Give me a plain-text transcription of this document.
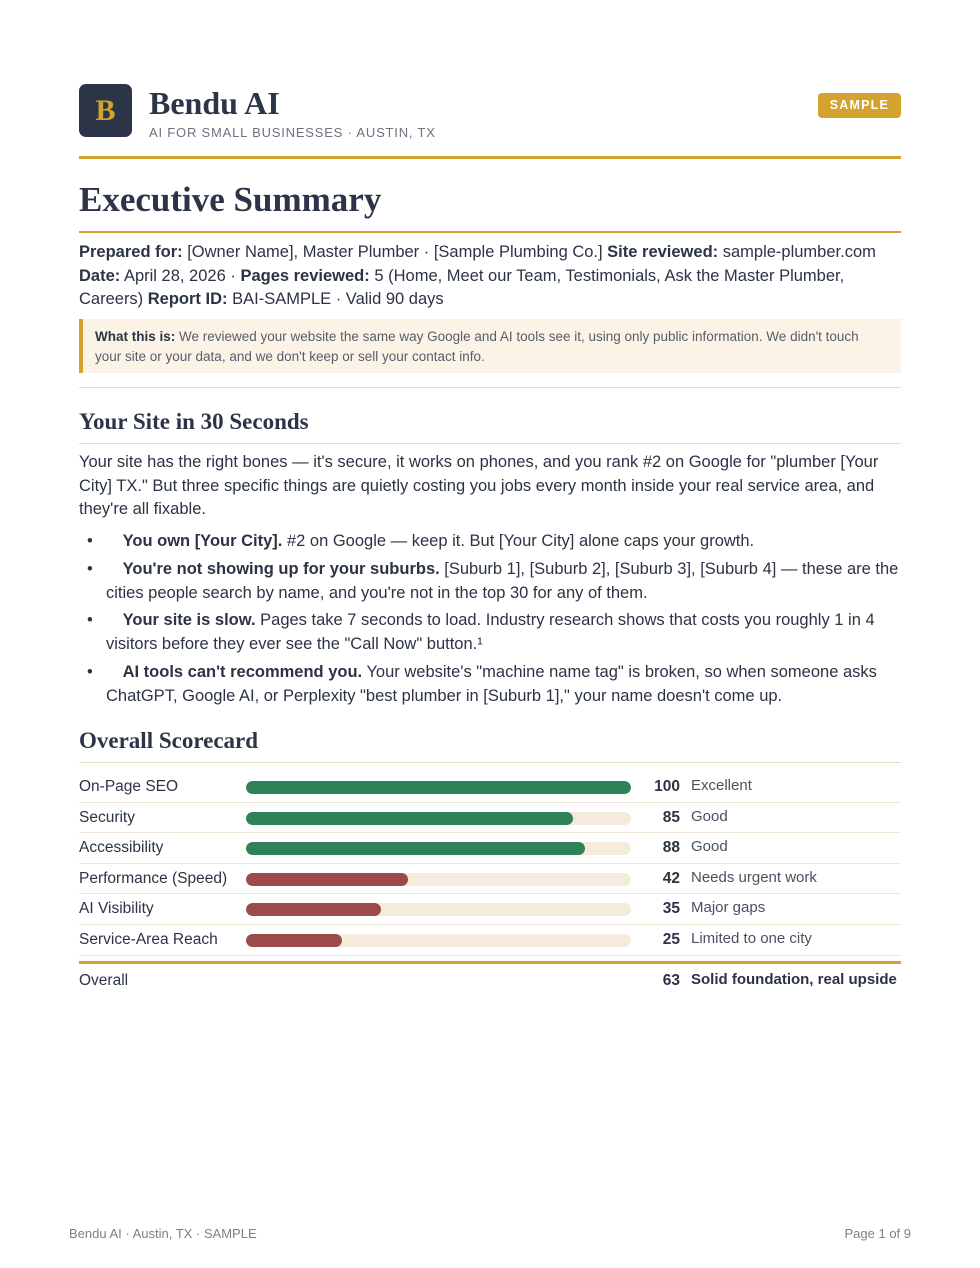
B	Bendu AI
AI FOR SMALL BUSINESSES · AUSTIN, TX
SAMPLE
Executive Summary
Prepared for: [Owner Name], Master Plumber · [Sample Plumbing Co.] Site reviewed: sample-plumber.com
Date: April 28, 2026 · Pages reviewed: 5 (Home, Meet our Team, Testimonials, Ask the Master Plumber, Careers) Report ID: BAI-SAMPLE · Valid 90 days
What this is: We reviewed your website the same way Google and AI tools see it, using only public information. We didn't touch your site or your data, and we don't keep or sell your contact info.
Your Site in 30 Seconds

Your site has the right bones — it's secure, it works on phones, and you rank #2 on Google for "plumber [Your City] TX." But three specific things are quietly costing you jobs every month inside your real service area, and they're all fixable.

• You own [Your City]. #2 on Google — keep it. But [Your City] alone caps your growth.
• You're not showing up for your suburbs. [Suburb 1], [Suburb 2], [Suburb 3], [Suburb 4] — these are the cities people search by name, and you're not in the top 30 for any of them.
• Your site is slow. Pages take 7 seconds to load. Industry research shows that costs you roughly 1 in 4 visitors before they ever see the "Call Now" button.¹
• AI tools can't recommend you. Your website's "machine name tag" is broken, so when someone asks ChatGPT, Google AI, or Perplexity "best plumber in [Suburb 1]," your name doesn't come up.
Overall Scorecard
On-Page SEO	100 Excellent
Security	85 Good
Accessibility	88 Good
Performance (Speed)	42 Needs urgent work
AI Visibility	35 Major gaps
Service-Area Reach	25 Limited to one city
Overall	63 Solid foundation, real upside
Bendu AI · Austin, TX · SAMPLE	Page 1 of 9
